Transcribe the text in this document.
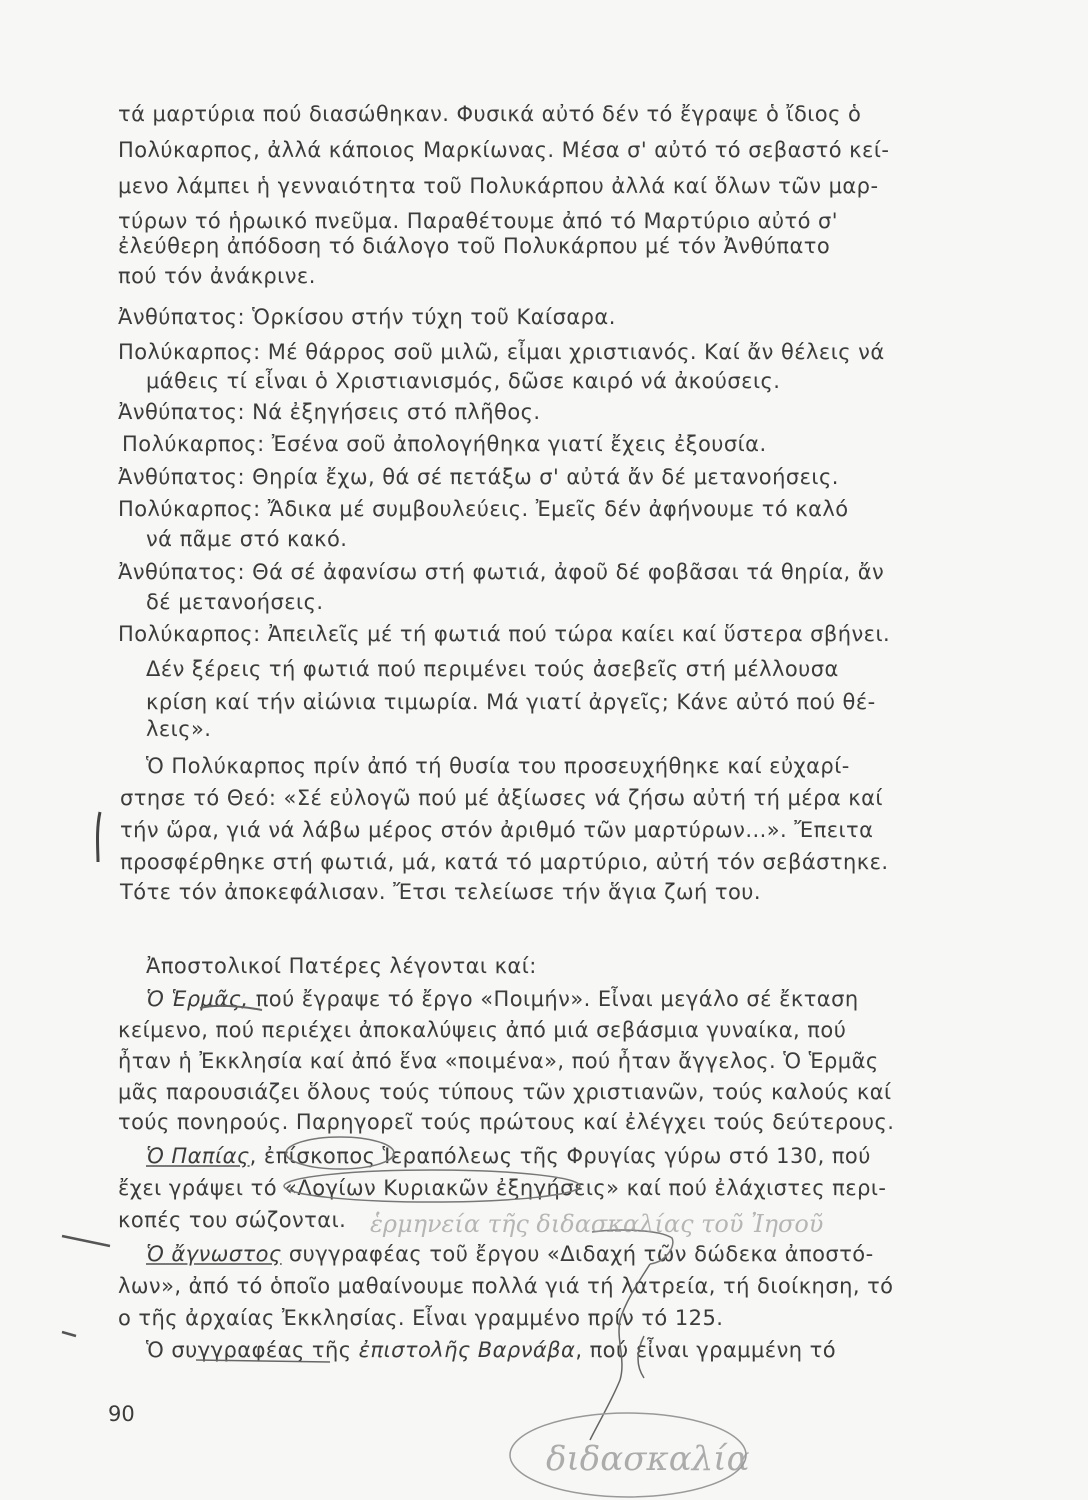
τά μαρτύρια πού διασώθηκαν. Φυσικά αὐτό δέν τό ἔγραψε ὁ ἴδιος ὁ
Πολύκαρπος, ἀλλά κάποιος Μαρκίωνας. Μέσα σ' αὐτό τό σεβαστό κεί-
μενο λάμπει ἡ γενναιότητα τοῦ Πολυκάρπου ἀλλά καί ὅλων τῶν μαρ-
τύρων τό ἡρωικό πνεῦμα. Παραθέτουμε ἀπό τό Μαρτύριο αὐτό σ'
ἐλεύθερη ἀπόδοση τό διάλογο τοῦ Πολυκάρπου μέ τόν Ἀνθύπατο
πού τόν ἀνάκρινε.
Ἀνθύπατος: Ὁρκίσου στήν τύχη τοῦ Καίσαρα.
Πολύκαρπος: Μέ θάρρος σοῦ μιλῶ, εἶμαι χριστιανός. Καί ἄν θέλεις νά
μάθεις τί εἶναι ὁ Χριστιανισμός, δῶσε καιρό νά ἀκούσεις.
Ἀνθύπατος: Νά ἐξηγήσεις στό πλῆθος.
Πολύκαρπος: Ἐσένα σοῦ ἀπολογήθηκα γιατί ἔχεις ἐξουσία.
Ἀνθύπατος: Θηρία ἔχω, θά σέ πετάξω σ' αὐτά ἄν δέ μετανοήσεις.
Πολύκαρπος: Ἄδικα μέ συμβουλεύεις. Ἐμεῖς δέν ἀφήνουμε τό καλό
νά πᾶμε στό κακό.
Ἀνθύπατος: Θά σέ ἀφανίσω στή φωτιά, ἀφοῦ δέ φοβᾶσαι τά θηρία, ἄν
δέ μετανοήσεις.
Πολύκαρπος: Ἀπειλεῖς μέ τή φωτιά πού τώρα καίει καί ὕστερα σβήνει.
Δέν ξέρεις τή φωτιά πού περιμένει τούς ἀσεβεῖς στή μέλλουσα
κρίση καί τήν αἰώνια τιμωρία. Μά γιατί ἀργεῖς; Κάνε αὐτό πού θέ-
λεις».
Ὁ Πολύκαρπος πρίν ἀπό τή θυσία του προσευχήθηκε καί εὐχαρί-
στησε τό Θεό: «Σέ εὐλογῶ πού μέ ἀξίωσες νά ζήσω αὐτή τή μέρα καί
τήν ὥρα, γιά νά λάβω μέρος στόν ἀριθμό τῶν μαρτύρων...». Ἔπειτα
προσφέρθηκε στή φωτιά, μά, κατά τό μαρτύριο, αὐτή τόν σεβάστηκε.
Τότε τόν ἀποκεφάλισαν. Ἔτσι τελείωσε τήν ἅγια ζωή του.
Ἀποστολικοί Πατέρες λέγονται καί:
Ὁ Ἑρμᾶς, πού ἔγραψε τό ἔργο «Ποιμήν». Εἶναι μεγάλο σέ ἔκταση
κείμενο, πού περιέχει ἀποκαλύψεις ἀπό μιά σεβάσμια γυναίκα, πού
ἦταν ἡ Ἐκκλησία καί ἀπό ἕνα «ποιμένα», πού ἦταν ἄγγελος. Ὁ Ἑρμᾶς
μᾶς παρουσιάζει ὅλους τούς τύπους τῶν χριστιανῶν, τούς καλούς καί
τούς πονηρούς. Παρηγορεῖ τούς πρώτους καί ἐλέγχει τούς δεύτερους.
Ὁ Παπίας, ἐπίσκοπος Ἱεραπόλεως τῆς Φρυγίας γύρω στό 130, πού
ἔχει γράψει τό «Λογίων Κυριακῶν ἐξηγήσεις» καί πού ἐλάχιστες περι-
κοπές του σώζονται.
Ὁ ἄγνωστος συγγραφέας τοῦ ἔργου «Διδαχή τῶν δώδεκα ἀποστό-
λων», ἀπό τό ὁποῖο μαθαίνουμε πολλά γιά τή λατρεία, τή διοίκηση, τό
ο τῆς ἀρχαίας Ἐκκλησίας. Εἶναι γραμμένο πρίν τό 125.
Ὁ συγγραφέας τῆς ἐπιστολῆς Βαρνάβα, πού εἶναι γραμμένη τό
90
ἑρμηνεία τῆς διδασκαλίας τοῦ Ἰησοῦ
διδασκαλία
